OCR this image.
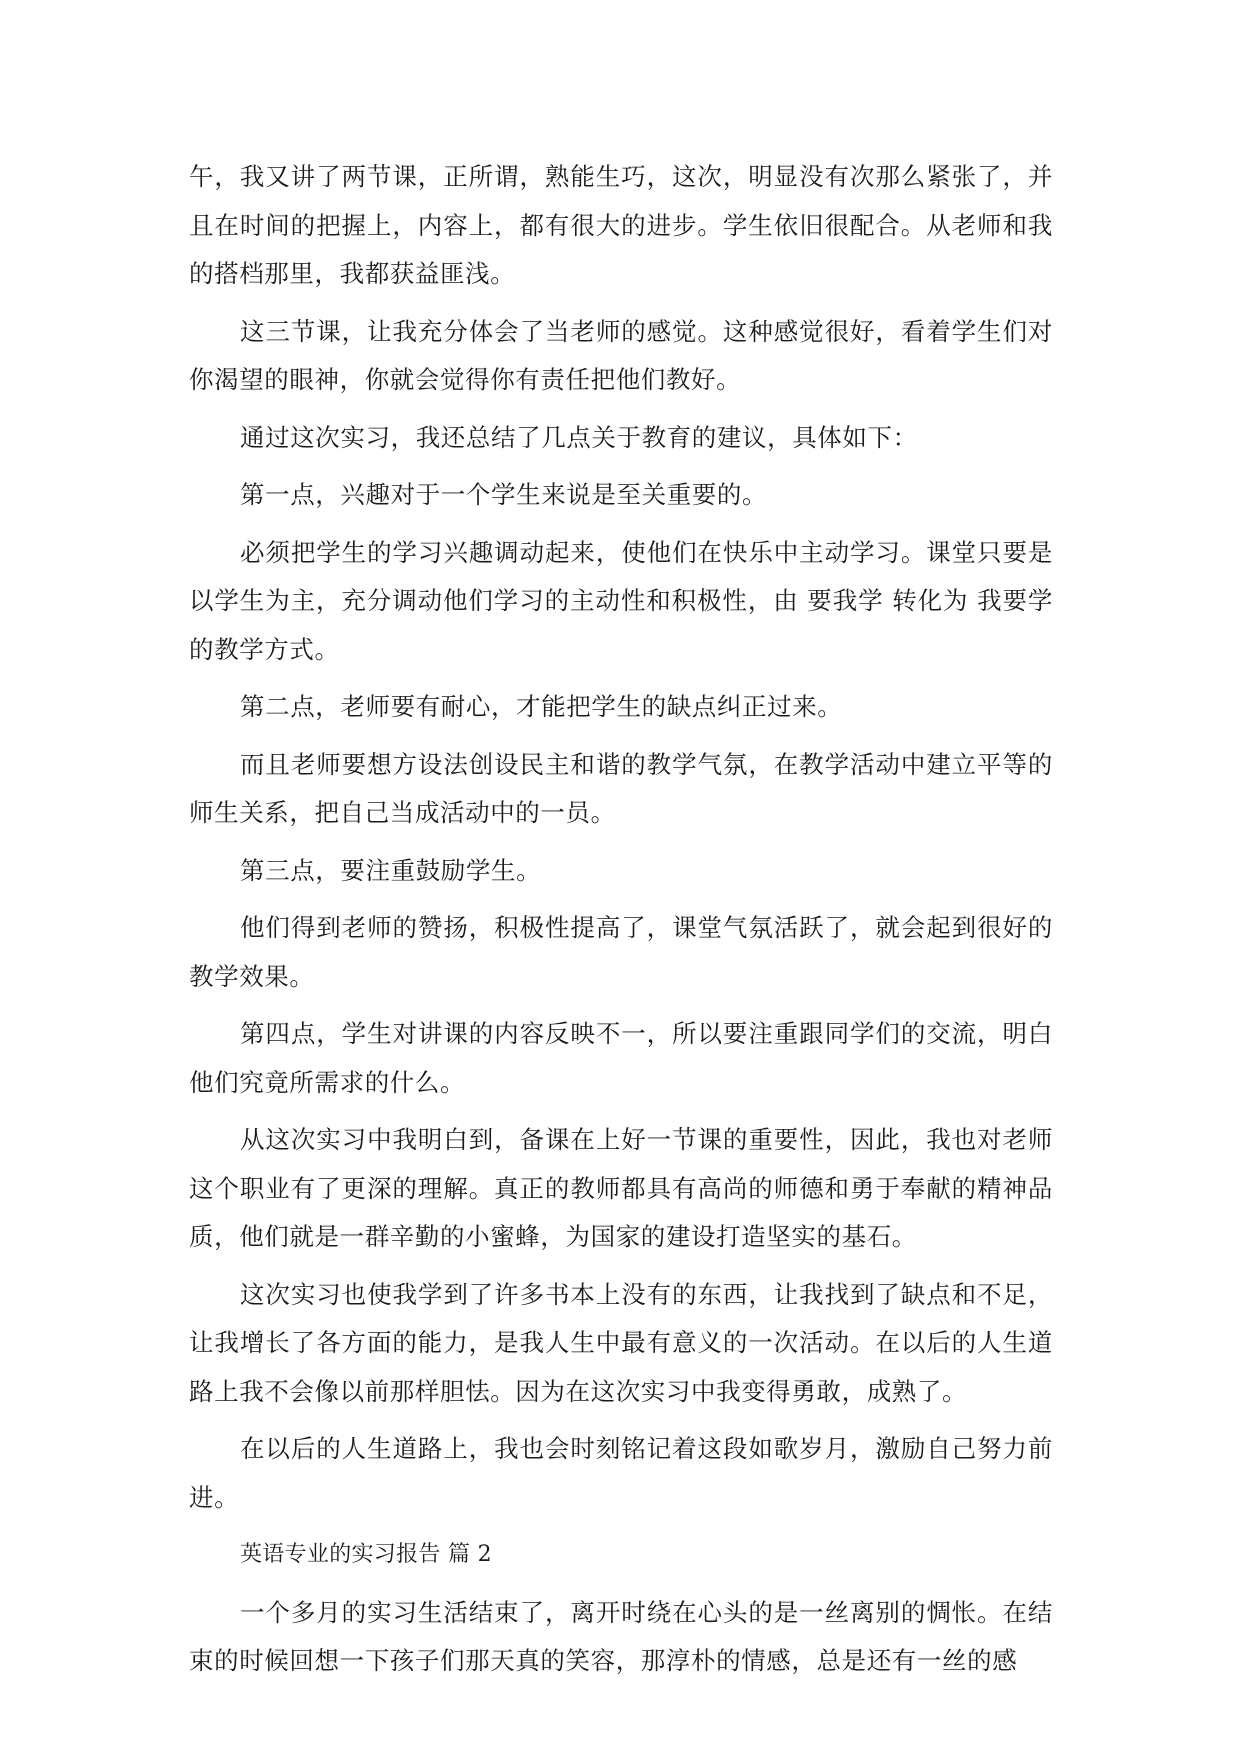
午，我又讲了两节课，正所谓，熟能生巧，这次，明显没有次那么紧张了，并且在时间的把握上，内容上，都有很大的进步。学生依旧很配合。从老师和我的搭档那里，我都获益匪浅。

这三节课，让我充分体会了当老师的感觉。这种感觉很好，看着学生们对你渴望的眼神，你就会觉得你有责任把他们教好。

通过这次实习，我还总结了几点关于教育的建议，具体如下：

第一点，兴趣对于一个学生来说是至关重要的。

必须把学生的学习兴趣调动起来，使他们在快乐中主动学习。课堂只要是以学生为主，充分调动他们学习的主动性和积极性，由 要我学 转化为 我要学 的教学方式。

第二点，老师要有耐心，才能把学生的缺点纠正过来。

而且老师要想方设法创设民主和谐的教学气氛，在教学活动中建立平等的师生关系，把自己当成活动中的一员。

第三点，要注重鼓励学生。

他们得到老师的赞扬，积极性提高了，课堂气氛活跃了，就会起到很好的教学效果。

第四点，学生对讲课的内容反映不一，所以要注重跟同学们的交流，明白他们究竟所需求的什么。

从这次实习中我明白到，备课在上好一节课的重要性，因此，我也对老师这个职业有了更深的理解。真正的教师都具有高尚的师德和勇于奉献的精神品质，他们就是一群辛勤的小蜜蜂，为国家的建设打造坚实的基石。

这次实习也使我学到了许多书本上没有的东西，让我找到了缺点和不足，让我增长了各方面的能力，是我人生中最有意义的一次活动。在以后的人生道路上我不会像以前那样胆怯。因为在这次实习中我变得勇敢，成熟了。

在以后的人生道路上，我也会时刻铭记着这段如歌岁月，激励自己努力前进。

英语专业的实习报告 篇 2

一个多月的实习生活结束了，离开时绕在心头的是一丝离别的惆怅。在结束的时候回想一下孩子们那天真的笑容，那淳朴的情感，总是还有一丝的感
